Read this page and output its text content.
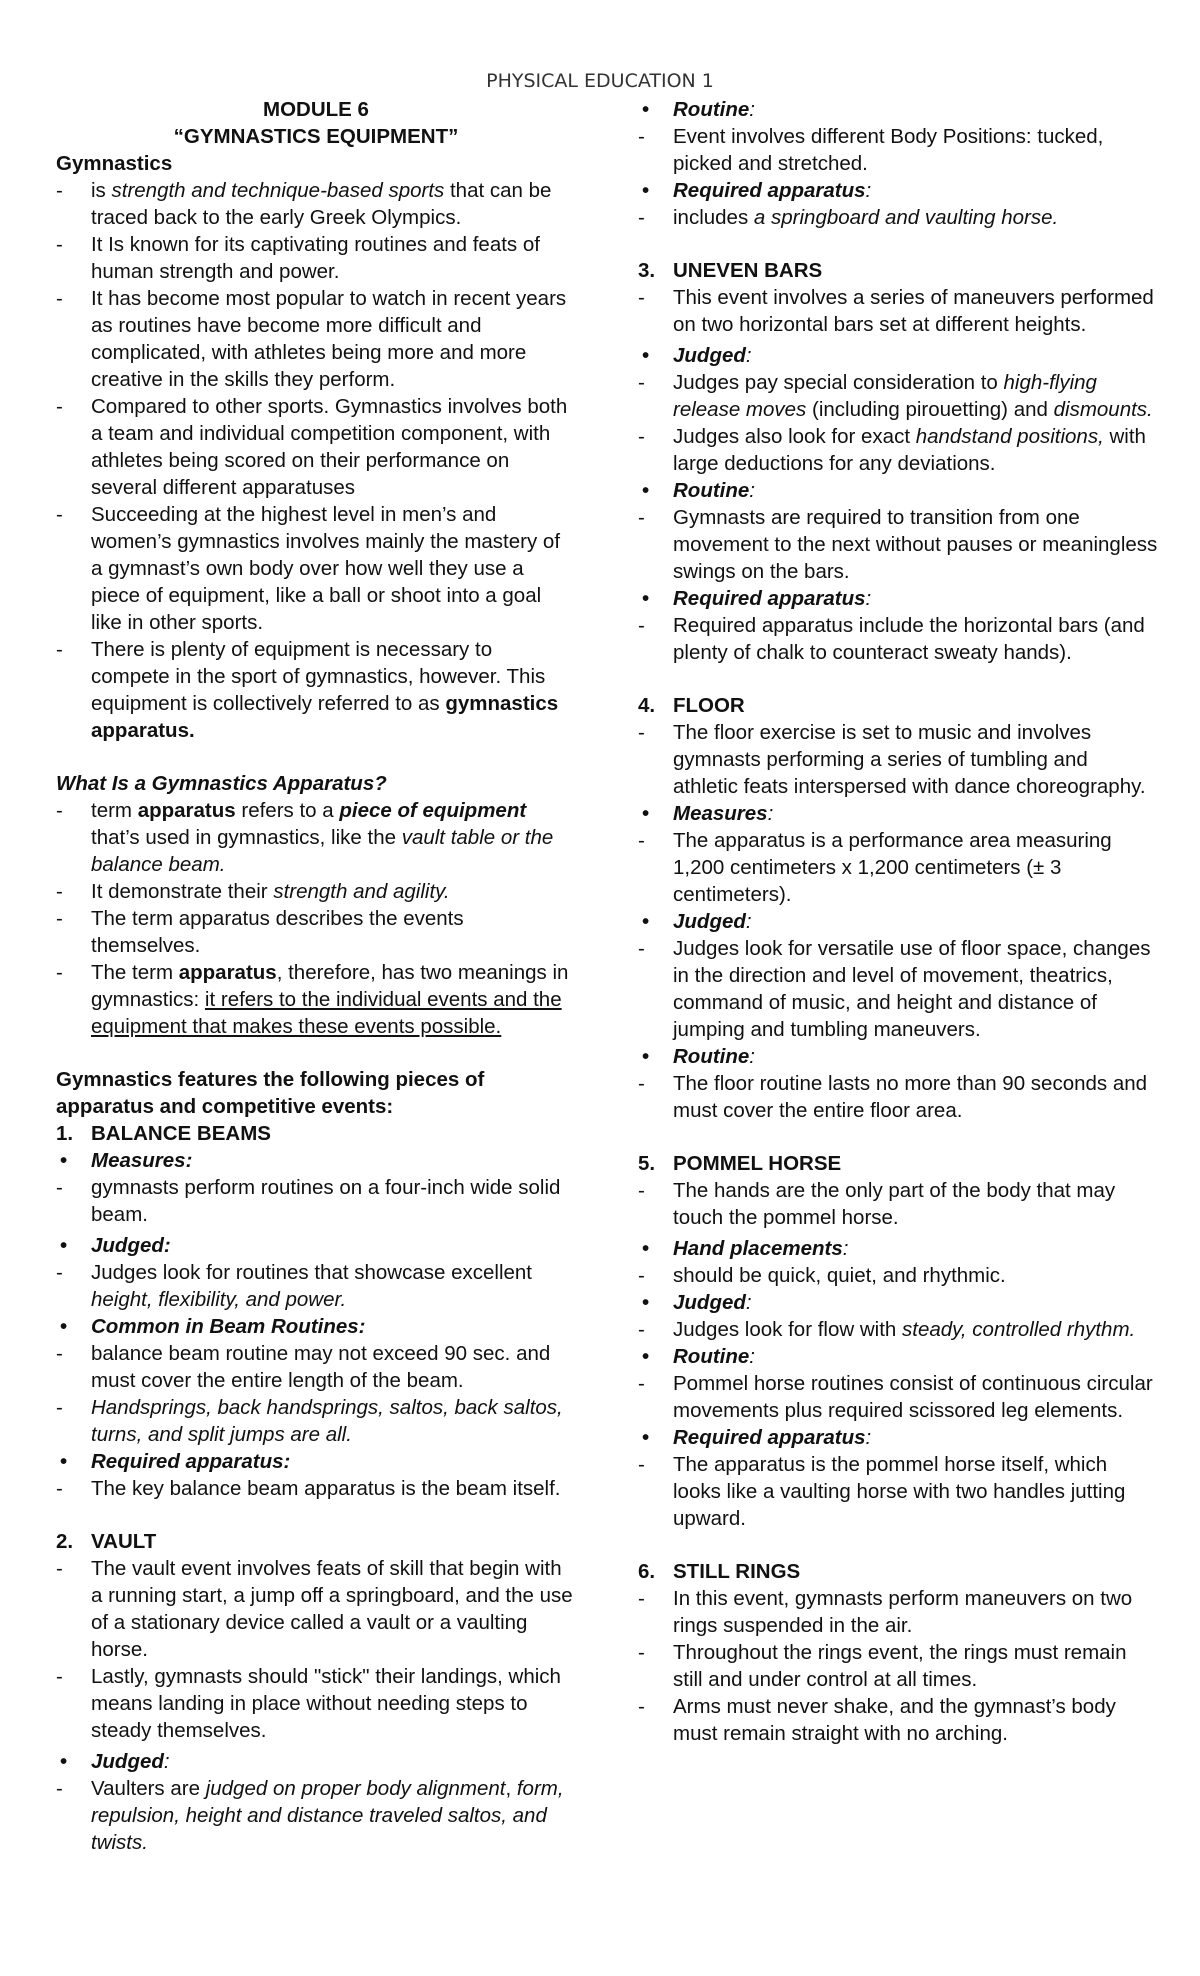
PHYSICAL EDUCATION 1
MODULE 6
“GYMNASTICS EQUIPMENT”
Gymnastics
- is strength and technique-based sports that can be traced back to the early Greek Olympics.
- It Is known for its captivating routines and feats of human strength and power.
- It has become most popular to watch in recent years as routines have become more difficult and complicated, with athletes being more and more creative in the skills they perform.
- Compared to other sports. Gymnastics involves both a team and individual competition component, with athletes being scored on their performance on several different apparatuses
- Succeeding at the highest level in men’s and women’s gymnastics involves mainly the mastery of a gymnast’s own body over how well they use a piece of equipment, like a ball or shoot into a goal like in other sports.
- There is plenty of equipment is necessary to compete in the sport of gymnastics, however. This equipment is collectively referred to as gymnastics apparatus.
What Is a Gymnastics Apparatus?
- term apparatus refers to a piece of equipment that’s used in gymnastics, like the vault table or the balance beam.
- It demonstrate their strength and agility.
- The term apparatus describes the events themselves.
- The term apparatus, therefore, has two meanings in gymnastics: it refers to the individual events and the equipment that makes these events possible.
Gymnastics features the following pieces of apparatus and competitive events:
1. BALANCE BEAMS
• Measures:
- gymnasts perform routines on a four-inch wide solid beam.
• Judged:
- Judges look for routines that showcase excellent height, flexibility, and power.
• Common in Beam Routines:
- balance beam routine may not exceed 90 sec. and must cover the entire length of the beam.
- Handsprings, back handsprings, saltos, back saltos, turns, and split jumps are all.
• Required apparatus:
- The key balance beam apparatus is the beam itself.
2. VAULT
- The vault event involves feats of skill that begin with a running start, a jump off a springboard, and the use of a stationary device called a vault or a vaulting horse.
- Lastly, gymnasts should "stick" their landings, which means landing in place without needing steps to steady themselves.
• Judged:
- Vaulters are judged on proper body alignment, form, repulsion, height and distance traveled saltos, and twists.
• Routine:
- Event involves different Body Positions: tucked, picked and stretched.
• Required apparatus:
- includes a springboard and vaulting horse.
3. UNEVEN BARS
- This event involves a series of maneuvers performed on two horizontal bars set at different heights.
• Judged:
- Judges pay special consideration to high-flying release moves (including pirouetting) and dismounts.
- Judges also look for exact handstand positions, with large deductions for any deviations.
• Routine:
- Gymnasts are required to transition from one movement to the next without pauses or meaningless swings on the bars.
• Required apparatus:
- Required apparatus include the horizontal bars (and plenty of chalk to counteract sweaty hands).
4. FLOOR
- The floor exercise is set to music and involves gymnasts performing a series of tumbling and athletic feats interspersed with dance choreography.
• Measures:
- The apparatus is a performance area measuring 1,200 centimeters x 1,200 centimeters (± 3 centimeters).
• Judged:
- Judges look for versatile use of floor space, changes in the direction and level of movement, theatrics, command of music, and height and distance of jumping and tumbling maneuvers.
• Routine:
- The floor routine lasts no more than 90 seconds and must cover the entire floor area.
5. POMMEL HORSE
- The hands are the only part of the body that may touch the pommel horse.
• Hand placements:
- should be quick, quiet, and rhythmic.
• Judged:
- Judges look for flow with steady, controlled rhythm.
• Routine:
- Pommel horse routines consist of continuous circular movements plus required scissored leg elements.
• Required apparatus:
- The apparatus is the pommel horse itself, which looks like a vaulting horse with two handles jutting upward.
6. STILL RINGS
- In this event, gymnasts perform maneuvers on two rings suspended in the air.
- Throughout the rings event, the rings must remain still and under control at all times.
- Arms must never shake, and the gymnast’s body must remain straight with no arching.
